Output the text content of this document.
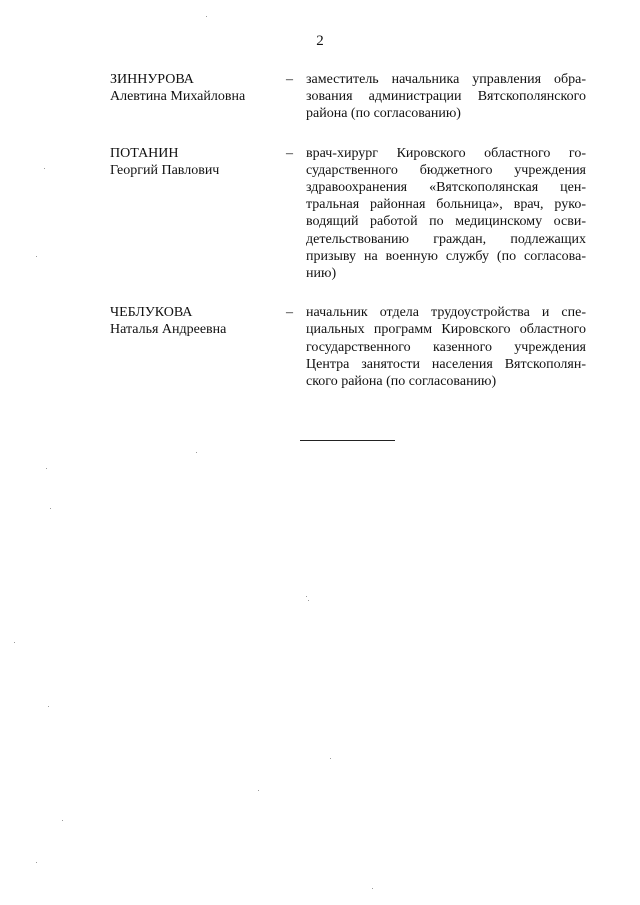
2
ЗИННУРОВА
Алевтина Михайловна
– заместитель начальника управления образования администрации Вятскополянского района (по согласованию)
ПОТАНИН
Георгий Павлович
– врач-хирург Кировского областного государственного бюджетного учреждения здравоохранения «Вятскополянская центральная районная больница», врач, руководящий работой по медицинскому освидетельствованию граждан, подлежащих призыву на военную службу (по согласованию)
ЧЕБЛУКОВА
Наталья Андреевна
– начальник отдела трудоустройства и специальных программ Кировского областного государственного казенного учреждения Центра занятости населения Вятскополянского района (по согласованию)
